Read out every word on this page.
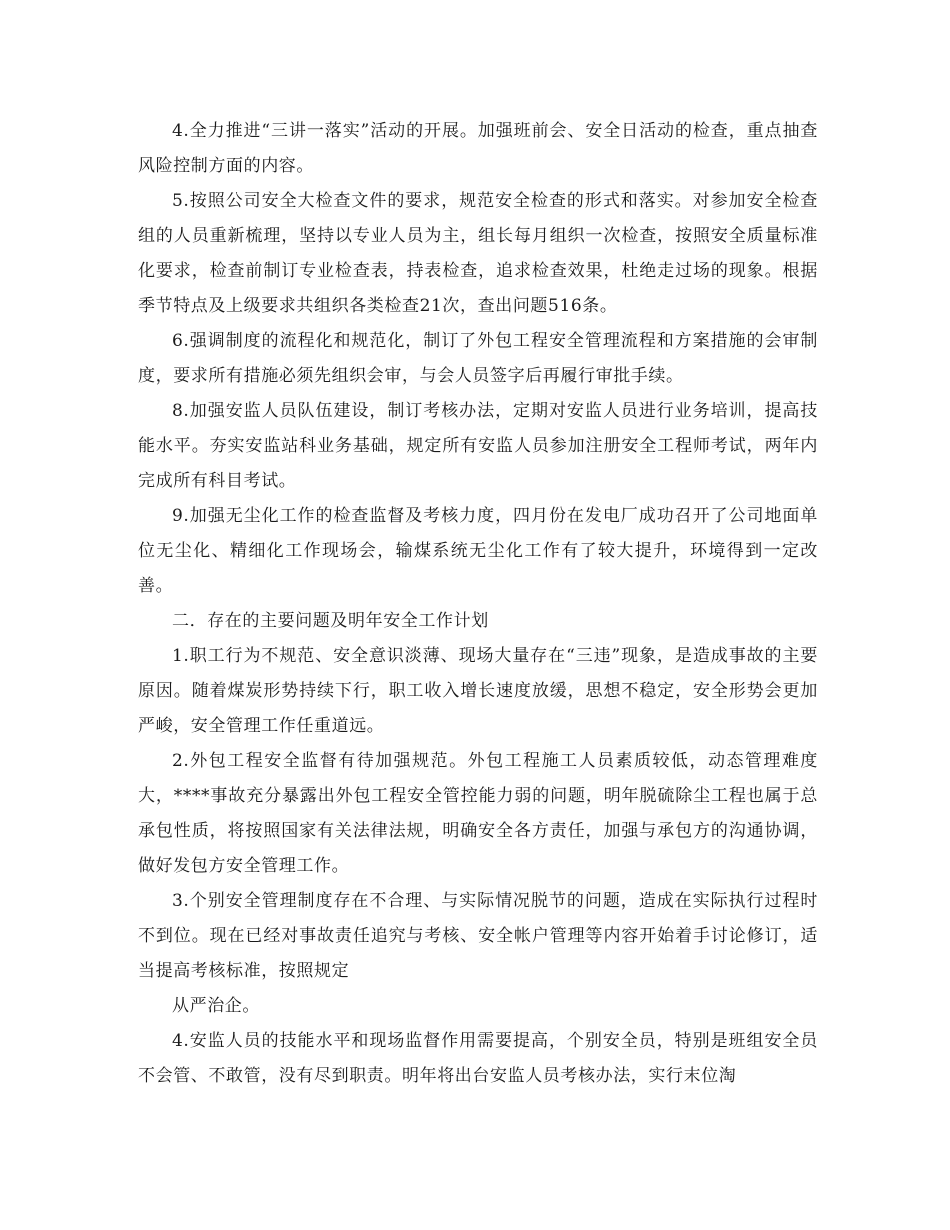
4.全力推进“三讲一落实”活动的开展。加强班前会、安全日活动的检查，重点抽查风险控制方面的内容。

5.按照公司安全大检查文件的要求，规范安全检查的形式和落实。对参加安全检查组的人员重新梳理，坚持以专业人员为主，组长每月组织一次检查，按照安全质量标准化要求，检查前制订专业检查表，持表检查，追求检查效果，杜绝走过场的现象。根据季节特点及上级要求共组织各类检查21次，查出问题516条。

6.强调制度的流程化和规范化，制订了外包工程安全管理流程和方案措施的会审制度，要求所有措施必须先组织会审，与会人员签字后再履行审批手续。

8.加强安监人员队伍建设，制订考核办法，定期对安监人员进行业务培训，提高技能水平。夯实安监站科业务基础，规定所有安监人员参加注册安全工程师考试，两年内完成所有科目考试。

9.加强无尘化工作的检查监督及考核力度，四月份在发电厂成功召开了公司地面单位无尘化、精细化工作现场会，输煤系统无尘化工作有了较大提升，环境得到一定改善。

二．存在的主要问题及明年安全工作计划

1.职工行为不规范、安全意识淡薄、现场大量存在“三违”现象，是造成事故的主要原因。随着煤炭形势持续下行，职工收入增长速度放缓，思想不稳定，安全形势会更加严峻，安全管理工作任重道远。

2.外包工程安全监督有待加强规范。外包工程施工人员素质较低，动态管理难度大，****事故充分暴露出外包工程安全管控能力弱的问题，明年脱硫除尘工程也属于总承包性质，将按照国家有关法律法规，明确安全各方责任，加强与承包方的沟通协调，做好发包方安全管理工作。

3.个别安全管理制度存在不合理、与实际情况脱节的问题，造成在实际执行过程时不到位。现在已经对事故责任追究与考核、安全帐户管理等内容开始着手讨论修订，适当提高考核标准，按照规定

从严治企。

4.安监人员的技能水平和现场监督作用需要提高，个别安全员，特别是班组安全员不会管、不敢管，没有尽到职责。明年将出台安监人员考核办法，实行末位淘
